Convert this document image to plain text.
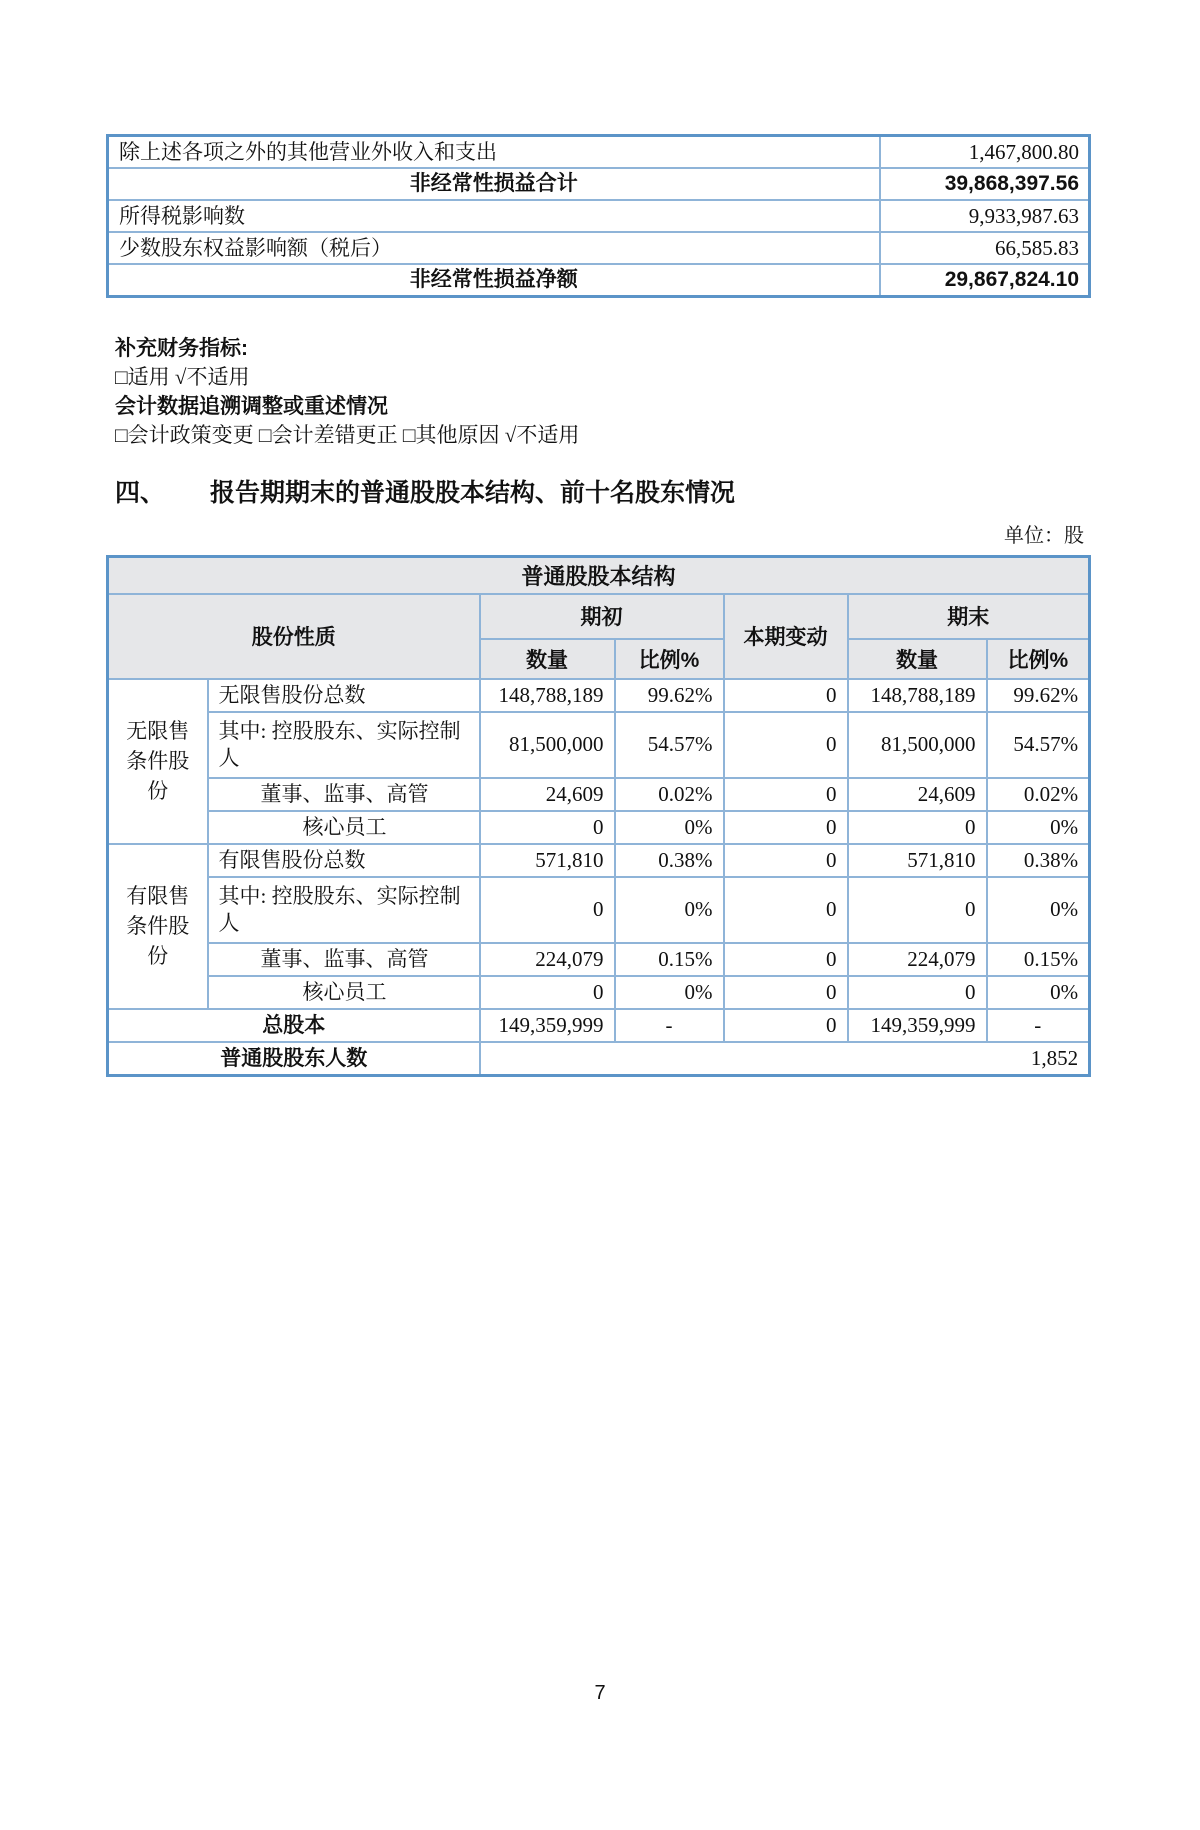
除上述各项之外的其他营业外收入和支出	1,467,800.80
非经常性损益合计	39,868,397.56
所得税影响数	9,933,987.63
少数股东权益影响额（税后）	66,585.83
非经常性损益净额	29,867,824.10

补充财务指标:

□适用 √不适用

会计数据追溯调整或重述情况

□会计政策变更 □会计差错更正 □其他原因 √不适用

四、 报告期期末的普通股股本结构、前十名股东情况
单位：股
普通股股本结构						
股份性质		期初		本期变动	期末	
		数量	比例%		数量	比例%
无限售条件股份	无限售股份总数	148,788,189	99.62%	0	148,788,189	99.62%
	其中: 控股股东、实际控制人	81,500,000	54.57%	0	81,500,000	54.57%
	董事、监事、高管	24,609	0.02%	0	24,609	0.02%
	核心员工	0	0%	0	0	0%
有限售条件股份	有限售股份总数	571,810	0.38%	0	571,810	0.38%
	其中: 控股股东、实际控制人	0	0%	0	0	0%
	董事、监事、高管	224,079	0.15%	0	224,079	0.15%
	核心员工	0	0%	0	0	0%
总股本		149,359,999	-	0	149,359,999	-
普通股股东人数		1,852				
7
